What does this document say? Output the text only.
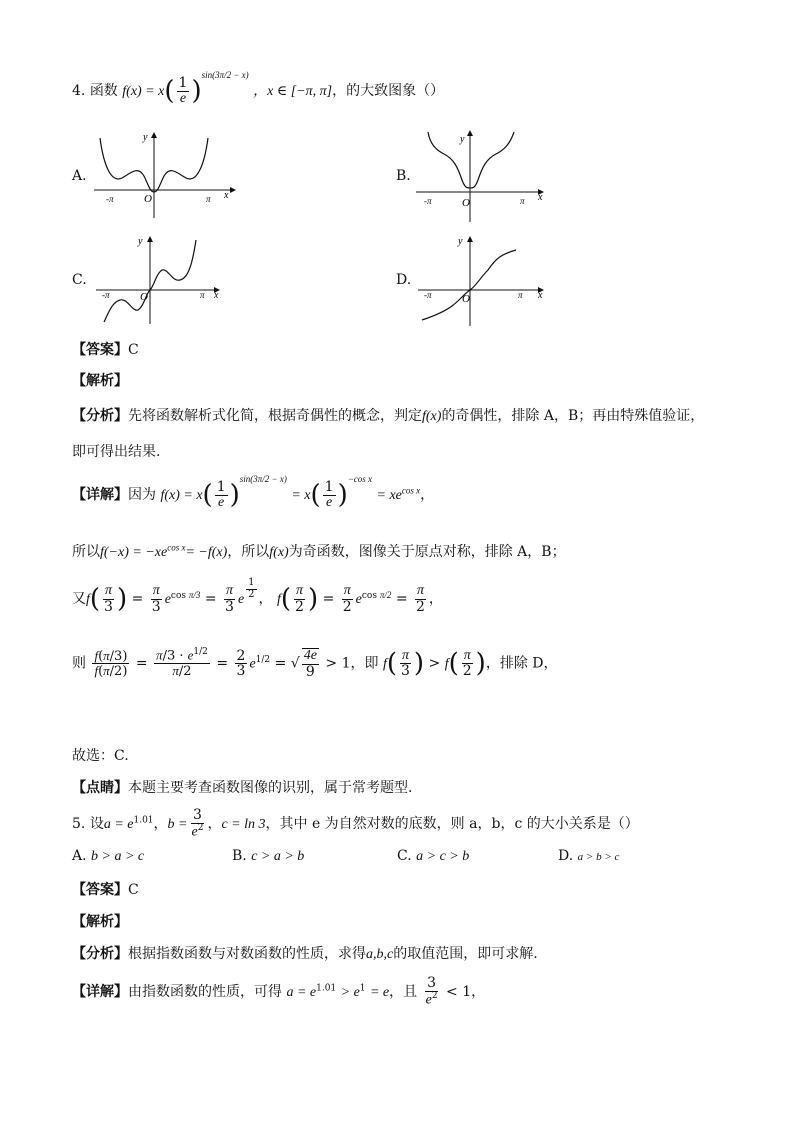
4. 函数 $f(x) = x( \frac{1}{e} )^{sin(3\pi/2 - x)}$ ，x ∈ [−π, π]，的大致图象（）
A.	B.
C.	D.
y
x
O
-π	π
y
x
O
-π	π
y
x
O
-π	π
y
x
O
-π	π
【答案】C
【解析】
【分析】先将函数解析式化简，根据奇偶性的概念，判定f(x)的奇偶性，排除 A，B；再由特殊值验证，
即可得出结果.
【详解】因为 $f(x) = x( \frac{1}{e} )^{sin(3\pi/2 - x)} = x( \frac{1}{e} )^{-cos x} = xe^{cos x}$，
所以$f(-x) = -xe^{cos x}= -f(x)$，所以f(x)为奇函数，图像关于原点对称，排除 A，B；
又$f( \frac{\pi}{3}$ ) = $\frac{\pi}{3} e^{cos \pi/3} = \frac{\pi}{3}$ e $^{\frac{1}{2}}$ ， $f( \frac{\pi}{2}$ ) = $\frac{\pi}{2} e^{cos \pi/2} = \frac{\pi}{2}$ ，
则 $\frac{f(\pi/3)}{f(\pi/2)} = \frac{\pi/3 \cdot e^{1/2}}{\pi/2} = \frac{2}{3} e^{1/2}$ = √ $\frac{4e}{9} > 1$，即 $f( \frac{\pi}{3}$ ) > $f( \frac{\pi}{2}$ )，排除 D，
故选：C.
【点睛】本题主要考查函数图像的识别，属于常考题型.
5. 设$a = e^{1.01}$，$b = \frac{3}{e^2}$ ，c = ln 3，其中 e 为自然对数的底数，则 a，b，c 的大小关系是（）
A. b > a > c	B. c > a > b	C. a > c > b	D. a > b > c
【答案】C
【解析】
【分析】根据指数函数与对数函数的性质，求得a,b,c的取值范围，即可求解.
【详解】由指数函数的性质，可得 $a = e^{1.01} > e^1 = e$，且 $\frac{3}{e^2} < 1$，
